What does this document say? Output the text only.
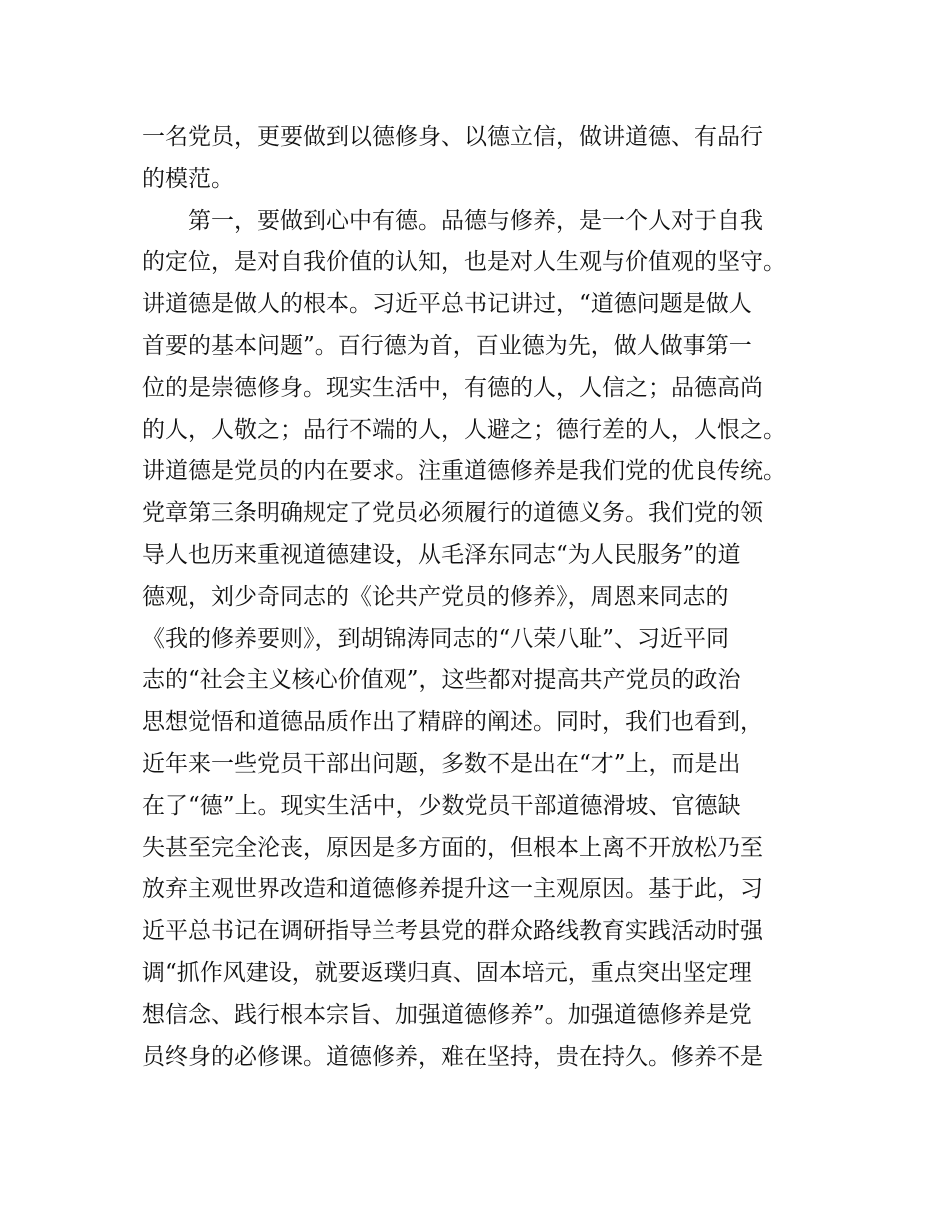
一名党员，更要做到以德修身、以德立信，做讲道德、有品行
的模范。
第一，要做到心中有德。品德与修养，是一个人对于自我
的定位，是对自我价值的认知，也是对人生观与价值观的坚守。
讲道德是做人的根本。习近平总书记讲过，“道德问题是做人
首要的基本问题”。百行德为首，百业德为先，做人做事第一
位的是崇德修身。现实生活中，有德的人，人信之；品德高尚
的人，人敬之；品行不端的人，人避之；德行差的人，人恨之。
讲道德是党员的内在要求。注重道德修养是我们党的优良传统。
党章第三条明确规定了党员必须履行的道德义务。我们党的领
导人也历来重视道德建设，从毛泽东同志“为人民服务”的道
德观，刘少奇同志的《论共产党员的修养》，周恩来同志的
《我的修养要则》，到胡锦涛同志的“八荣八耻”、习近平同
志的“社会主义核心价值观”，这些都对提高共产党员的政治
思想觉悟和道德品质作出了精辟的阐述。同时，我们也看到，
近年来一些党员干部出问题，多数不是出在“才”上，而是出
在了“德”上。现实生活中，少数党员干部道德滑坡、官德缺
失甚至完全沦丧，原因是多方面的，但根本上离不开放松乃至
放弃主观世界改造和道德修养提升这一主观原因。基于此，习
近平总书记在调研指导兰考县党的群众路线教育实践活动时强
调“抓作风建设，就要返璞归真、固本培元，重点突出坚定理
想信念、践行根本宗旨、加强道德修养”。加强道德修养是党
员终身的必修课。道德修养，难在坚持，贵在持久。修养不是
